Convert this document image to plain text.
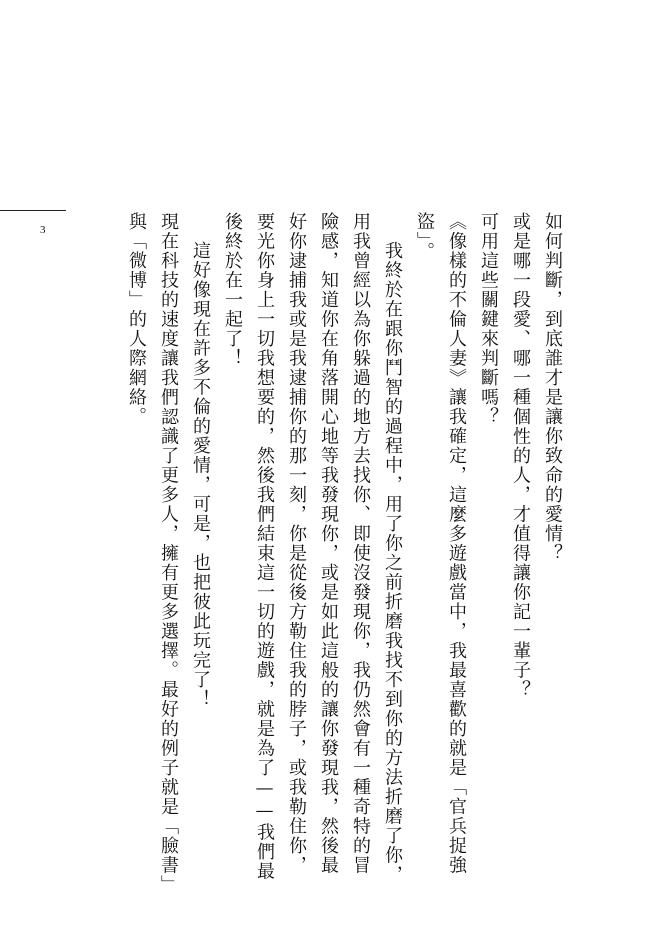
3	如何判斷，到底誰才是讓你致命的愛情？

或是哪一段愛、哪一種個性的人，才值得讓你記一輩子？

可用這些關鍵來判斷嗎？

《像樣的不倫人妻》讓我確定，這麼多遊戲當中，我最喜歡的就是「官兵捉強盜」。

我終於在跟你鬥智的過程中，用了你之前折磨我找不到你的方法折磨了你，用我曾經以為你躲過的地方去找你、即使沒發現你，我仍然會有一種奇特的冒險感，知道你在角落開心地等我發現你，或是如此這般的讓你發現我，然後最好你逮捕我或是我逮捕你的那一刻，你是從後方勒住我的脖子，或我勒住你，要光你身上一切我想要的，然後我們結束這一切的遊戲，就是為了——我們最後終於在一起了！

這好像現在許多不倫的愛情，可是，也把彼此玩完了！

現在科技的速度讓我們認識了更多人，擁有更多選擇。最好的例子就是「臉書」與「微博」的人際網絡。
